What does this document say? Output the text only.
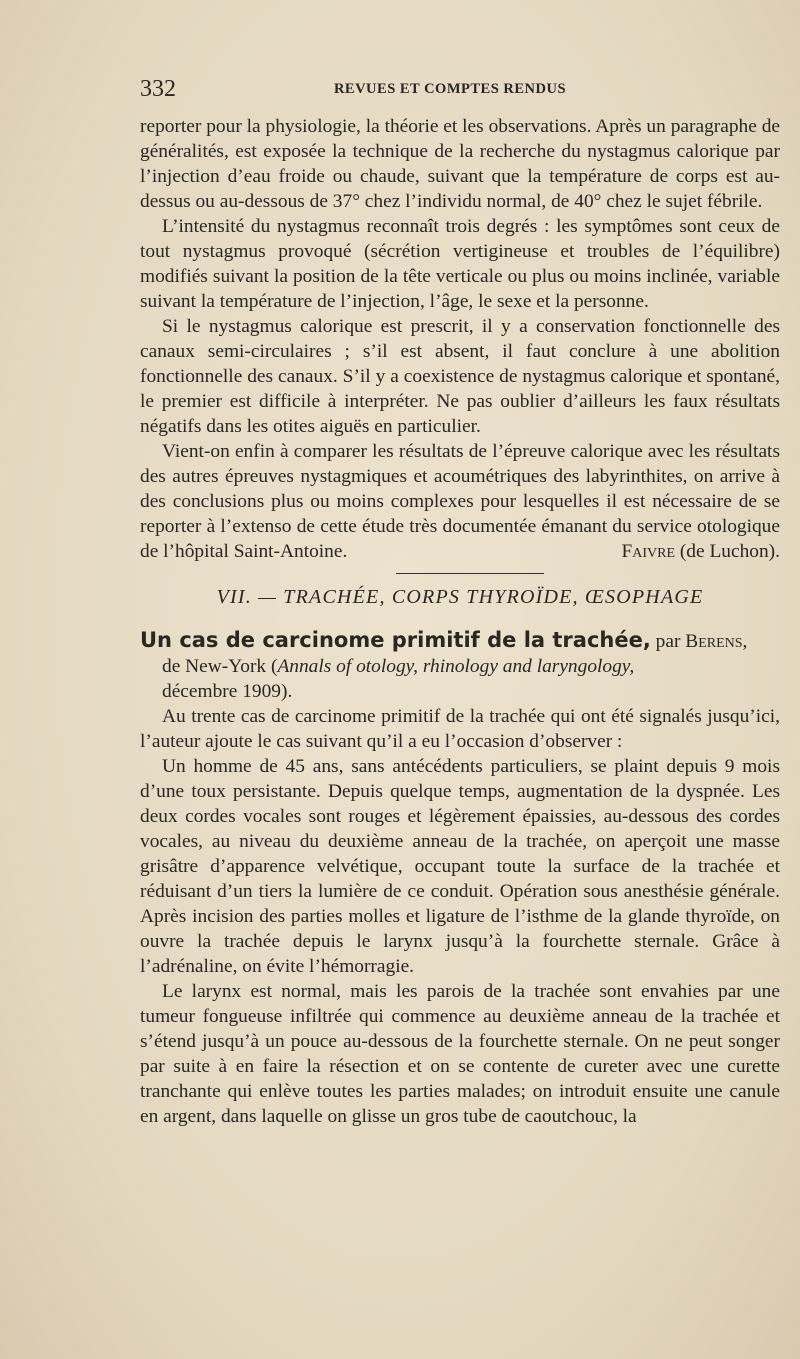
332	REVUES ET COMPTES RENDUS

reporter pour la physiologie, la théorie et les observations. Après un paragraphe de généralités, est exposée la technique de la recherche du nystagmus calorique par l’injection d’eau froide ou chaude, suivant que la température de corps est au-dessus ou au-dessous de 37° chez l’individu normal, de 40° chez le sujet fébrile.

L’intensité du nystagmus reconnaît trois degrés : les symptômes sont ceux de tout nystagmus provoqué (sécrétion vertigineuse et troubles de l’équilibre) modifiés suivant la position de la tête verticale ou plus ou moins inclinée, variable suivant la température de l’injection, l’âge, le sexe et la personne.

Si le nystagmus calorique est prescrit, il y a conservation fonctionnelle des canaux semi-circulaires ; s’il est absent, il faut conclure à une abolition fonctionnelle des canaux. S’il y a coexistence de nystagmus calorique et spontané, le premier est difficile à interpréter. Ne pas oublier d’ailleurs les faux résultats négatifs dans les otites aiguës en particulier.

Vient-on enfin à comparer les résultats de l’épreuve calorique avec les résultats des autres épreuves nystagmiques et acoumétriques des labyrinthites, on arrive à des conclusions plus ou moins complexes pour lesquelles il est nécessaire de se reporter à l’extenso de cette étude très documentée émanant du service otologique de l’hôpital Saint-Antoine.	Faivre (de Luchon).

VII. — TRACHÉE, CORPS THYROÏDE, ŒSOPHAGE

Un cas de carcinome primitif de la trachée, par Berens,

de New-York (Annals of otology, rhinology and laryngology,

décembre 1909).

Au trente cas de carcinome primitif de la trachée qui ont été signalés jusqu’ici, l’auteur ajoute le cas suivant qu’il a eu l’occasion d’observer :

Un homme de 45 ans, sans antécédents particuliers, se plaint depuis 9 mois d’une toux persistante. Depuis quelque temps, augmentation de la dyspnée. Les deux cordes vocales sont rouges et légèrement épaissies, au-dessous des cordes vocales, au niveau du deuxième anneau de la trachée, on aperçoit une masse grisâtre d’apparence velvétique, occupant toute la surface de la trachée et réduisant d’un tiers la lumière de ce conduit. Opération sous anesthésie générale. Après incision des parties molles et ligature de l’isthme de la glande thyroïde, on ouvre la trachée depuis le larynx jusqu’à la fourchette sternale. Grâce à l’adrénaline, on évite l’hémorragie.

Le larynx est normal, mais les parois de la trachée sont envahies par une tumeur fongueuse infiltrée qui commence au deuxième anneau de la trachée et s’étend jusqu’à un pouce au-dessous de la fourchette sternale. On ne peut songer par suite à en faire la résection et on se contente de cureter avec une curette tranchante qui enlève toutes les parties malades; on introduit ensuite une canule en argent, dans laquelle on glisse un gros tube de caoutchouc, la
